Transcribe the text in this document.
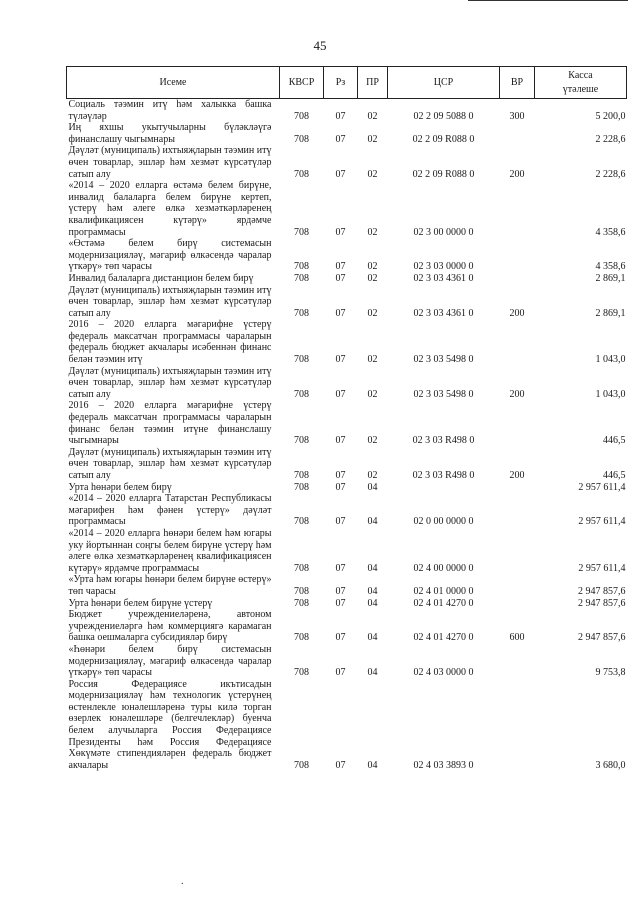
45
Исеме	КВСР	Рз	ПР	ЦСР	ВР	Касса
үтәлеше

Социаль тәэмин итү һәм халыкка башка түләүләр	708	07	02	02 2 09 5088 0	300	5 200,0
Иң яхшы укытучыларны бүләкләүгә финанслашу чыгымнары	708	07	02	02 2 09 R088 0		2 228,6
Дәүләт (муниципаль) ихтыяҗларын тәэмин итү өчен товарлар, эшләр һәм хезмәт күрсәтүләр сатып алу	708	07	02	02 2 09 R088 0	200	2 228,6
«2014 – 2020 елларга өстәмә белем бирүне, инвалид балаларга белем бирүне кертеп, үстерү һәм әлеге өлкә хезмәткәрләренең квалификациясен күтәрү» ярдәмче программасы	708	07	02	02 3 00 0000 0		4 358,6
«Өстәмә белем бирү системасын модернизацияләү, мәгариф өлкәсендә чаралар үткәрү» төп чарасы	708	07	02	02 3 03 0000 0		4 358,6
Инвалид балаларга дистанцион белем бирү	708	07	02	02 3 03 4361 0		2 869,1
Дәүләт (муниципаль) ихтыяҗларын тәэмин итү өчен товарлар, эшләр һәм хезмәт күрсәтүләр сатып алу	708	07	02	02 3 03 4361 0	200	2 869,1
2016 – 2020 елларга мәгарифне үстерү федераль максатчан программасы чараларын федераль бюджет акчалары исәбеннән финанс белән тәэмин итү	708	07	02	02 3 03 5498 0		1 043,0
Дәүләт (муниципаль) ихтыяҗларын тәэмин итү өчен товарлар, эшләр һәм хезмәт күрсәтүләр сатып алу	708	07	02	02 3 03 5498 0	200	1 043,0
2016 – 2020 елларга мәгарифне үстерү федераль максатчан программасы чараларын финанс белән тәэмин итүне финанслашу чыгымнары	708	07	02	02 3 03 R498 0		446,5
Дәүләт (муниципаль) ихтыяҗларын тәэмин итү өчен товарлар, эшләр һәм хезмәт күрсәтүләр сатып алу	708	07	02	02 3 03 R498 0	200	446,5
Урта һөнәри белем бирү	708	07	04			2 957 611,4
«2014 – 2020 елларга Татарстан Республикасы мәгарифен һәм фәнен үстерү» дәүләт программасы	708	07	04	02 0 00 0000 0		2 957 611,4
«2014 – 2020 елларга һөнәри белем һәм югары уку йортыннан соңгы белем бирүне үстерү һәм әлеге өлкә хезмәткәрләренең квалификациясен күтәрү» ярдәмче программасы	708	07	04	02 4 00 0000 0		2 957 611,4
«Урта һәм югары һөнәри белем бирүне өстерү» төп чарасы	708	07	04	02 4 01 0000 0		2 947 857,6
Урта һөнәри белем бирүне үстерү	708	07	04	02 4 01 4270 0		2 947 857,6
Бюджет учреждениеләренә, автоном учреждениеләргә һәм коммерциягә карамаган башка оешмаларга субсидияләр бирү	708	07	04	02 4 01 4270 0	600	2 947 857,6
«Һөнәри белем бирү системасын модернизацияләү, мәгариф өлкәсендә чаралар үткәрү» төп чарасы	708	07	04	02 4 03 0000 0		9 753,8
Россия Федерациясе икътисадын модернизацияләү һәм технологик үстерүнең өстенлекле юнәлешләренә туры килә торган өзерлек юнәлешләре (белгечлекләр) буенча белем алучыларга Россия Федерациясе Президенты һәм Россия Федерациясе Хөкүмәте стипендияләрен федераль бюджет акчалары	708	07	04	02 4 03 3893 0		3 680,0
.
